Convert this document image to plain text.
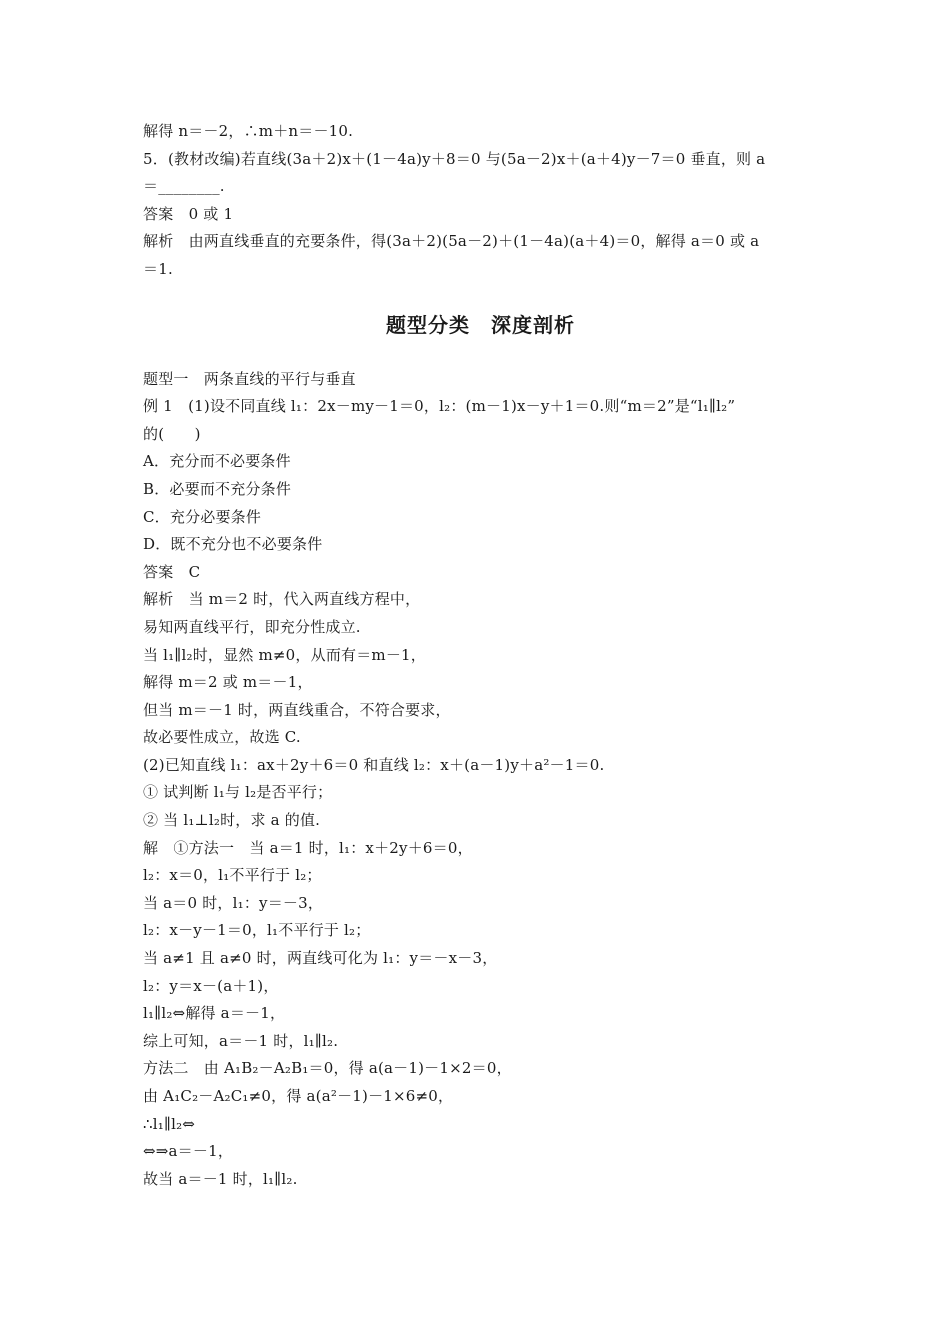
解得 n＝－2，∴m＋n＝－10.
5．(教材改编)若直线(3a＋2)x＋(1－4a)y＋8＝0 与(5a－2)x＋(a＋4)y－7＝0 垂直，则 a
＝________.
答案　0 或 1
解析　由两直线垂直的充要条件，得(3a＋2)(5a－2)＋(1－4a)(a＋4)＝0，解得 a＝0 或 a
＝1.
题型分类　深度剖析
题型一　两条直线的平行与垂直
例 1　(1)设不同直线 l₁：2x－my－1＝0，l₂：(m－1)x－y＋1＝0.则“m＝2”是“l₁∥l₂”
的(　　)
A．充分而不必要条件
B．必要而不充分条件
C．充分必要条件
D．既不充分也不必要条件
答案　C
解析　当 m＝2 时，代入两直线方程中，
易知两直线平行，即充分性成立.
当 l₁∥l₂时，显然 m≠0，从而有＝m－1，
解得 m＝2 或 m＝－1，
但当 m＝－1 时，两直线重合，不符合要求，
故必要性成立，故选 C.
(2)已知直线 l₁：ax＋2y＋6＝0 和直线 l₂：x＋(a－1)y＋a²－1＝0.
① 试判断 l₁与 l₂是否平行；
② 当 l₁⊥l₂时，求 a 的值.
解　①方法一　当 a＝1 时，l₁：x＋2y＋6＝0，
l₂：x＝0，l₁不平行于 l₂；
当 a＝0 时，l₁：y＝－3，
l₂：x－y－1＝0，l₁不平行于 l₂；
当 a≠1 且 a≠0 时，两直线可化为 l₁：y＝－x－3，
l₂：y＝x－(a＋1)，
l₁∥l₂⇔解得 a＝－1，
综上可知，a＝－1 时，l₁∥l₂.
方法二　由 A₁B₂－A₂B₁＝0，得 a(a－1)－1×2＝0，
由 A₁C₂－A₂C₁≠0，得 a(a²－1)－1×6≠0，
∴l₁∥l₂⇔
⇔⇒a＝－1，
故当 a＝－1 时，l₁∥l₂.
